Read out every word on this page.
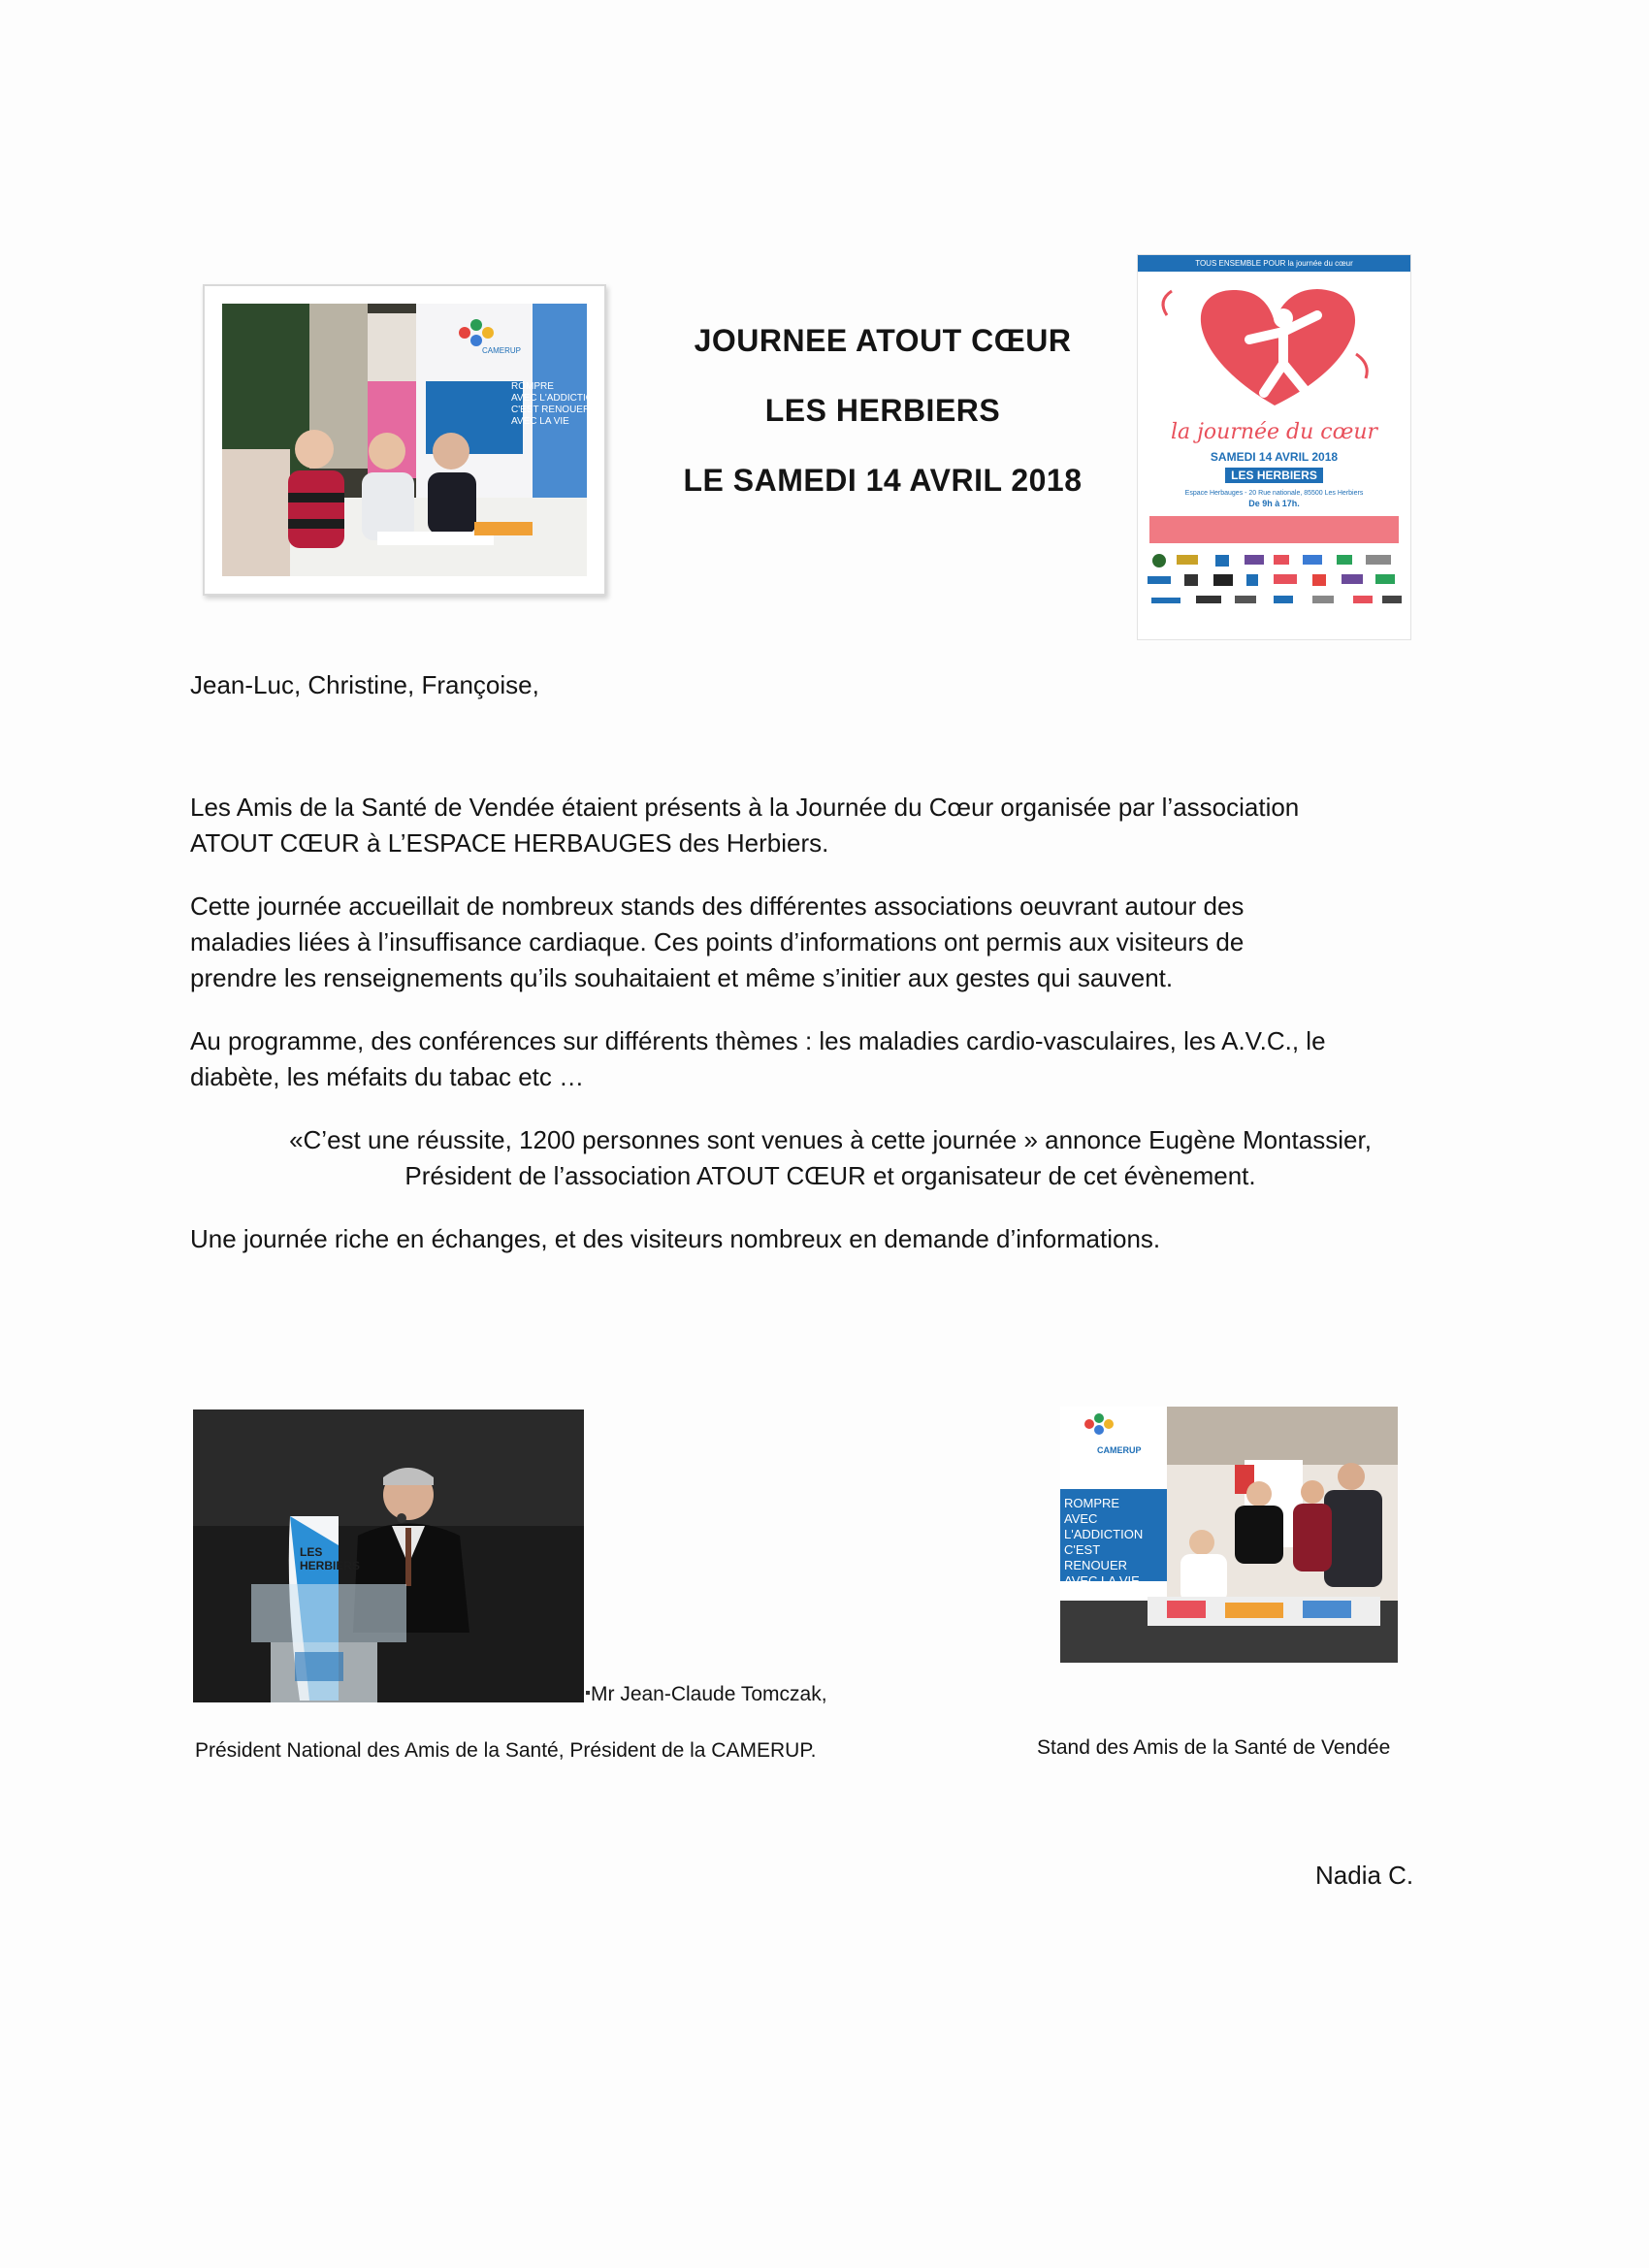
JOURNEE ATOUT CŒUR
LES HERBIERS
LE SAMEDI 14 AVRIL 2018
ROMPRE
AVEC L'ADDICTION
C'EST RENOUER
AVEC LA VIE
CAMERUP
TOUS ENSEMBLE POUR la journée du cœur
la journée du cœur
SAMEDI 14 AVRIL 2018
LES HERBIERS
Espace Herbauges - 20 Rue nationale, 85500 Les Herbiers
De 9h à 17h.
Jean-Luc, Christine, Françoise,
Les Amis de la Santé de Vendée étaient présents à la Journée du Cœur organisée par l’association
ATOUT CŒUR à L’ESPACE HERBAUGES des Herbiers.
Cette journée accueillait de nombreux stands des différentes associations oeuvrant autour des
maladies liées à l’insuffisance cardiaque. Ces points d’informations ont permis aux visiteurs de
prendre les renseignements qu’ils souhaitaient et même s’initier aux gestes qui sauvent.
Au programme, des conférences sur différents thèmes : les maladies cardio-vasculaires, les A.V.C., le
diabète, les méfaits du tabac etc …
«C’est une réussite, 1200 personnes sont venues à cette journée » annonce Eugène Montassier,
Président de l’association ATOUT CŒUR et organisateur de cet évènement.
Une journée riche en échanges, et des visiteurs nombreux en demande d’informations.
LES
HERBIERS
Mr Jean-Claude Tomczak,
Président National des Amis de la Santé, Président de la CAMERUP.
CAMERUP
ROMPRE
AVEC L'ADDICTION
C'EST RENOUER
AVEC LA VIE
Stand des Amis de la Santé de Vendée
Nadia C.
